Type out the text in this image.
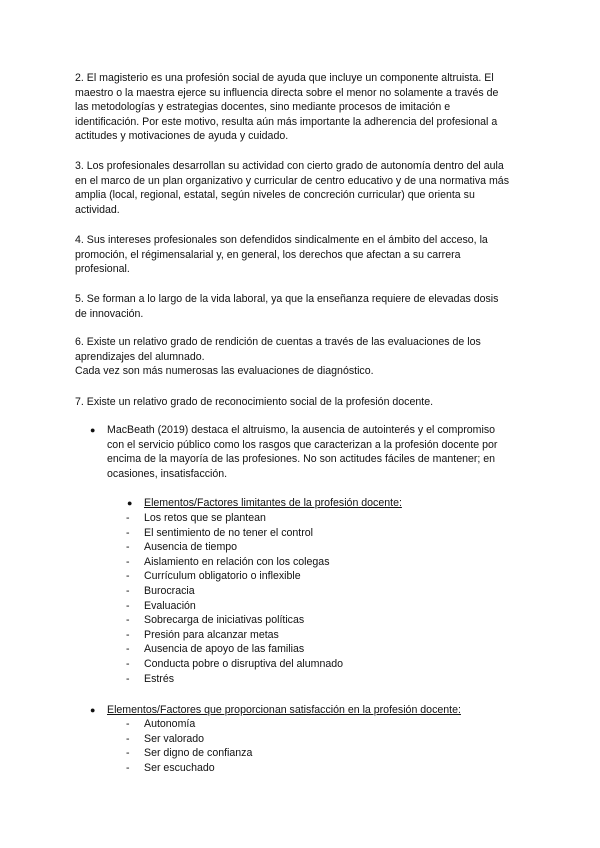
2. El magisterio es una profesión social de ayuda que incluye un componente altruista. El
maestro o la maestra ejerce su influencia directa sobre el menor no solamente a través de
las metodologías y estrategias docentes, sino mediante procesos de imitación e
identificación. Por este motivo, resulta aún más importante la adherencia del profesional a
actitudes y motivaciones de ayuda y cuidado.
3. Los profesionales desarrollan su actividad con cierto grado de autonomía dentro del aula
en el marco de un plan organizativo y curricular de centro educativo y de una normativa más
amplia (local, regional, estatal, según niveles de concreción curricular) que orienta su
actividad.
4. Sus intereses profesionales son defendidos sindicalmente en el ámbito del acceso, la
promoción, el régimensalarial y, en general, los derechos que afectan a su carrera
profesional.
5. Se forman a lo largo de la vida laboral, ya que la enseñanza requiere de elevadas dosis
de innovación.
6. Existe un relativo grado de rendición de cuentas a través de las evaluaciones de los
aprendizajes del alumnado.
Cada vez son más numerosas las evaluaciones de diagnóstico.
7. Existe un relativo grado de reconocimiento social de la profesión docente.
● MacBeath (2019) destaca el altruismo, la ausencia de autointerés y el compromiso
con el servicio público como los rasgos que caracterizan a la profesión docente por
encima de la mayoría de las profesiones. No son actitudes fáciles de mantener; en
ocasiones, insatisfacción.
● Elementos/Factores limitantes de la profesión docente:
- Los retos que se plantean
- El sentimiento de no tener el control
- Ausencia de tiempo
- Aislamiento en relación con los colegas
- Currículum obligatorio o inflexible
- Burocracia
- Evaluación
- Sobrecarga de iniciativas políticas
- Presión para alcanzar metas
- Ausencia de apoyo de las familias
- Conducta pobre o disruptiva del alumnado
- Estrés
● Elementos/Factores que proporcionan satisfacción en la profesión docente:
- Autonomía
- Ser valorado
- Ser digno de confianza
- Ser escuchado
